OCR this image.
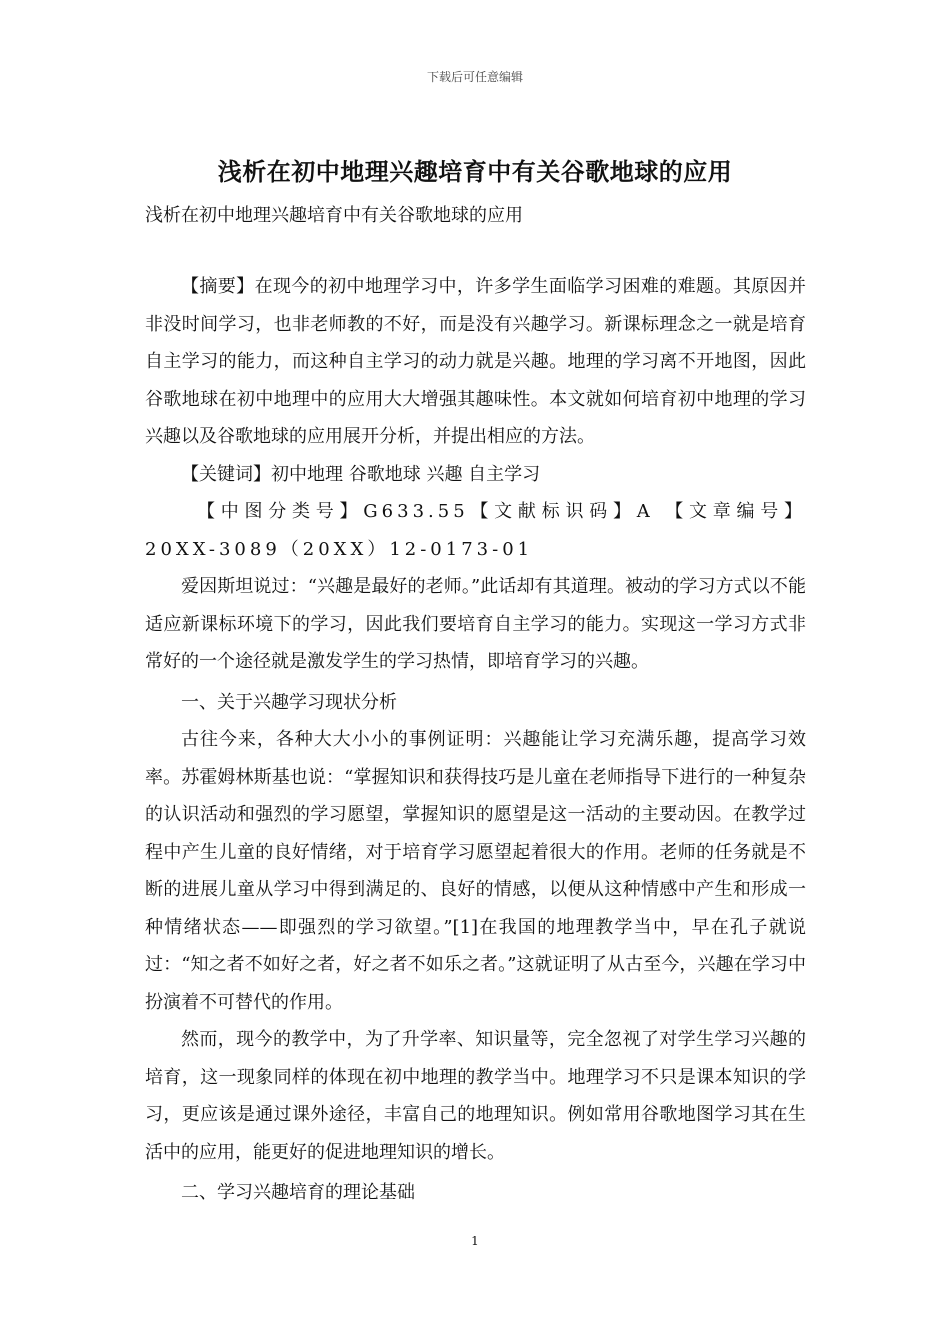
下载后可任意编辑
浅析在初中地理兴趣培育中有关谷歌地球的应用
浅析在初中地理兴趣培育中有关谷歌地球的应用

【摘要】在现今的初中地理学习中，许多学生面临学习困难的难题。其原因并非没时间学习，也非老师教的不好，而是没有兴趣学习。新课标理念之一就是培育自主学习的能力，而这种自主学习的动力就是兴趣。地理的学习离不开地图，因此谷歌地球在初中地理中的应用大大增强其趣味性。本文就如何培育初中地理的学习兴趣以及谷歌地球的应用展开分析，并提出相应的方法。

【关键词】初中地理 谷歌地球 兴趣 自主学习

【中图分类号】G633.55【文献标识码】A 【文章编号】20XX-3089（20XX）12-0173-01

爱因斯坦说过：“兴趣是最好的老师。”此话却有其道理。被动的学习方式以不能适应新课标环境下的学习，因此我们要培育自主学习的能力。实现这一学习方式非常好的一个途径就是激发学生的学习热情，即培育学习的兴趣。

一、关于兴趣学习现状分析

古往今来，各种大大小小的事例证明：兴趣能让学习充满乐趣，提高学习效率。苏霍姆林斯基也说：“掌握知识和获得技巧是儿童在老师指导下进行的一种复杂的认识活动和强烈的学习愿望，掌握知识的愿望是这一活动的主要动因。在教学过程中产生儿童的良好情绪，对于培育学习愿望起着很大的作用。老师的任务就是不断的进展儿童从学习中得到满足的、良好的情感，以便从这种情感中产生和形成一种情绪状态——即强烈的学习欲望。”[1]在我国的地理教学当中，早在孔子就说过：“知之者不如好之者，好之者不如乐之者。”这就证明了从古至今，兴趣在学习中扮演着不可替代的作用。

然而，现今的教学中，为了升学率、知识量等，完全忽视了对学生学习兴趣的培育，这一现象同样的体现在初中地理的教学当中。地理学习不只是课本知识的学习，更应该是通过课外途径，丰富自己的地理知识。例如常用谷歌地图学习其在生活中的应用，能更好的促进地理知识的增长。

二、学习兴趣培育的理论基础

1
